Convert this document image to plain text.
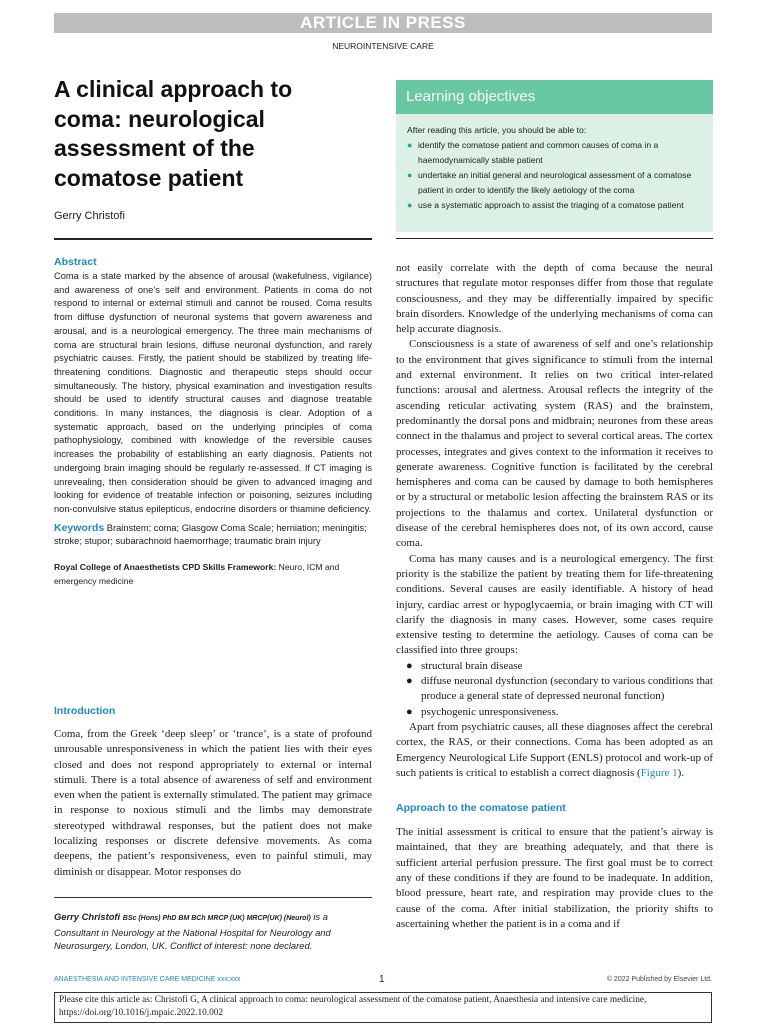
ARTICLE IN PRESS
NEUROINTENSIVE CARE
A clinical approach to coma: neurological assessment of the comatose patient
Gerry Christofi
Learning objectives
After reading this article, you should be able to:
● identify the comatose patient and common causes of coma in a haemodynamically stable patient
● undertake an initial general and neurological assessment of a comatose patient in order to identify the likely aetiology of the coma
● use a systematic approach to assist the triaging of a comatose patient
Abstract

Coma is a state marked by the absence of arousal (wakefulness, vigilance) and awareness of one’s self and environment. Patients in coma do not respond to internal or external stimuli and cannot be roused. Coma results from diffuse dysfunction of neuronal systems that govern awareness and arousal, and is a neurological emergency. The three main mechanisms of coma are structural brain lesions, diffuse neuronal dysfunction, and rarely psychiatric causes. Firstly, the patient should be stabilized by treating life-threatening conditions. Diagnostic and therapeutic steps should occur simultaneously. The history, physical examination and investigation results should be used to identify structural causes and diagnose treatable conditions. In many instances, the diagnosis is clear. Adoption of a systematic approach, based on the underlying principles of coma pathophysiology, combined with knowledge of the reversible causes increases the probability of establishing an early diagnosis. Patients not undergoing brain imaging should be regularly re-assessed. If CT imaging is unrevealing, then consideration should be given to advanced imaging and looking for evidence of treatable infection or poisoning, seizures including non-convulsive status epilepticus, endocrine disorders or thiamine deficiency.

Keywords Brainstem; coma; Glasgow Coma Scale; herniation; meningitis; stroke; stupor; subarachnoid haemorrhage; traumatic brain injury

Royal College of Anaesthetists CPD Skills Framework: Neuro, ICM and emergency medicine

Introduction

Coma, from the Greek ‘deep sleep’ or ‘trance’, is a state of profound unrousable unresponsiveness in which the patient lies with their eyes closed and does not respond appropriately to external or internal stimuli. There is a total absence of awareness of self and environment even when the patient is externally stimulated. The patient may grimace in response to noxious stimuli and the limbs may demonstrate stereotyped withdrawal responses, but the patient does not make localizing responses or discrete defensive movements. As coma deepens, the patient’s responsiveness, even to painful stimuli, may diminish or disappear. Motor responses do

Gerry Christofi BSc (Hons) PhD BM BCh MRCP (UK) MRCP(UK) (Neurol) is a Consultant in Neurology at the National Hospital for Neurology and Neurosurgery, London, UK. Conflict of interest: none declared.

not easily correlate with the depth of coma because the neural structures that regulate motor responses differ from those that regulate consciousness, and they may be differentially impaired by specific brain disorders. Knowledge of the underlying mechanisms of coma can help accurate diagnosis.

Consciousness is a state of awareness of self and one’s relationship to the environment that gives significance to stimuli from the internal and external environment. It relies on two critical inter-related functions: arousal and alertness. Arousal reflects the integrity of the ascending reticular activating system (RAS) and the brainstem, predominantly the dorsal pons and midbrain; neurones from these areas connect in the thalamus and project to several cortical areas. The cortex processes, integrates and gives context to the information it receives to generate awareness. Cognitive function is facilitated by the cerebral hemispheres and coma can be caused by damage to both hemispheres or by a structural or metabolic lesion affecting the brainstem RAS or its projections to the thalamus and cortex. Unilateral dysfunction or disease of the cerebral hemispheres does not, of its own accord, cause coma.

Coma has many causes and is a neurological emergency. The first priority is the stabilize the patient by treating them for life-threatening conditions. Several causes are easily identifiable. A history of head injury, cardiac arrest or hypoglycaemia, or brain imaging with CT will clarify the diagnosis in many cases. However, some cases require extensive testing to determine the aetiology. Causes of coma can be classified into three groups:

● structural brain disease
● diffuse neuronal dysfunction (secondary to various conditions that produce a general state of depressed neuronal function)
● psychogenic unresponsiveness.

Apart from psychiatric causes, all these diagnoses affect the cerebral cortex, the RAS, or their connections. Coma has been adopted as an Emergency Neurological Life Support (ENLS) protocol and work-up of such patients is critical to establish a correct diagnosis (Figure 1).

Approach to the comatose patient

The initial assessment is critical to ensure that the patient’s airway is maintained, that they are breathing adequately, and that there is sufficient arterial perfusion pressure. The first goal must be to correct any of these conditions if they are found to be inadequate. In addition, blood pressure, heart rate, and respiration may provide clues to the cause of the coma. After initial stabilization, the priority shifts to ascertaining whether the patient is in a coma and if

ANAESTHESIA AND INTENSIVE CARE MEDICINE xxx:xxx	1	© 2022 Published by Elsevier Ltd.
Please cite this article as: Christofi G, A clinical approach to coma: neurological assessment of the comatose patient, Anaesthesia and intensive care medicine, https://doi.org/10.1016/j.mpaic.2022.10.002
